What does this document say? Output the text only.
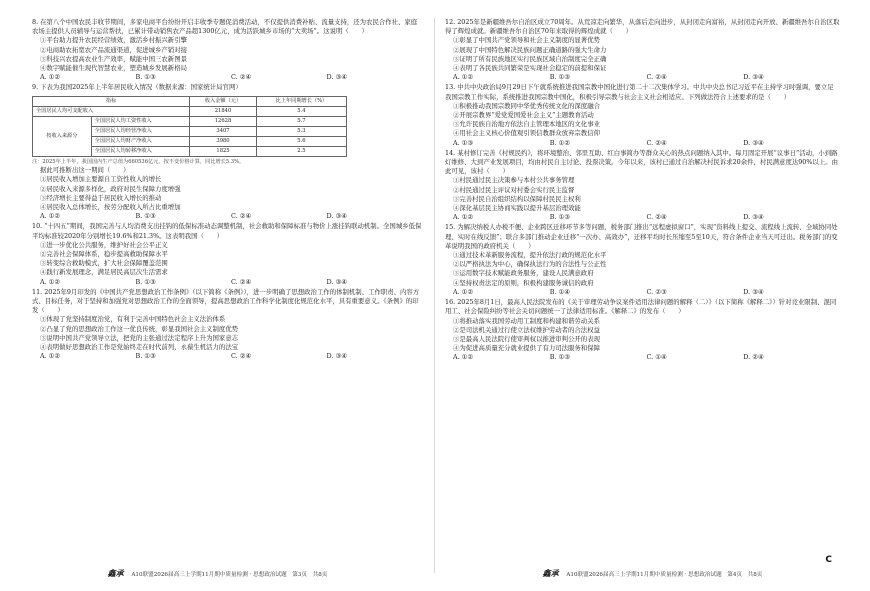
8. 在第八个中国农民丰收节期间，多家电商平台纷纷开启丰收季专题促消费活动，不仅提供消费补贴、流量支持，还为农民合作社、家庭农场主提供人员辅导与运营帮扶，已累计带动销售农产品超1300亿元，成为活跃城乡市场的“大卖场”。这说明（　　）
①平台助力提升农民经营绩效，激活乡村振兴新引擎
②电商助农拓宽农产品流通渠道，促进城乡产销对接
③科技兴农提高农业生产效率，赋能中国三农新图景
④数字赋能催生现代智慧农业，塑造城乡发展新格局
A. ①②	B. ①③	C. ②④	D. ③④
9. 下表为我国2025年上半年居民收入情况（数据来源：国家统计局官网）
指标		收入金额（元）	比上年同期增长（%）
全国居民人均可支配收入		21840	5.4
按收入来源分	全国居民人均工资性收入	12628	5.7
	全国居民人均经营净收入	3407	5.3
	全国居民人均财产净收入	3980	5.6
	全国居民人均转移净收入	1825	2.5
注：2025年上半年，我国国内生产总值为660536亿元，按不变价格计算，同比增长5.3%。
据此可推断出这一期间（　　）
①居民收入增加主要源自工资性收入的增长
②居民收入来源多样化，政府对民生保障力度增强
③经济增长主要得益于居民收入增长的推动
④居民收入总体增长，按劳分配收入所占比重增加
A. ①②	B. ①③	C. ②④	D. ③④
10. “十四五”期间，我国完善与人均消费支出挂钩的低保标准动态调整机制，社会救助和保障标准与物价上涨挂钩联动机制。全国城乡低保平均标准较2020年分别增长19.6%和21.3%。这表明我国（　　）
①进一步优化公共服务，维护好社会公平正义
②完善社会保障体系，稳步提高救助保障水平
③转变综合救助模式，扩大社会保障覆盖范围
④践行新发展理念，满足居民高层次生活需求
A. ①②	B. ①③	C. ②④	D. ③④
11. 2025年9月印发的《中国共产党思想政治工作条例》（以下简称《条例》），进一步明确了思想政治工作的体制机制、工作职责、内容方式、目标任务，对于坚持和加强党对思想政治工作的全面领导，提高思想政治工作科学化制度化规范化水平，具有重要意义。《条例》的印发（　　）
①体现了党坚持制度治党，有利于完善中国特色社会主义法治体系
②凸显了党的思想政治工作这一优良传统，彰显我国社会主义制度优势
③说明中国共产党领导立法，把党的主张通过法定程序上升为国家意志
④表明做好思想政治工作是党始终走在时代前列、永葆生机活力的法宝
A. ①②	B. ①③	C. ②④	D. ③④
鑫承 A10联盟2026届高三上学期11月期中质量检测 · 思想政治试题　第3页　共8页
12. 2025年是新疆维吾尔自治区成立70周年。从荒凉走向繁华，从落后走向进步，从封闭走向富裕，从封闭走向开放、新疆维吾尔自治区取得了辉煌成就。新疆维吾尔自治区70年来取得的辉煌成就（　　）
①彰显了中国共产党领导和社会主义制度的显著优势
②展现了中国特色解决民族问题正确道路的强大生命力
③证明了所有民族地区实行民族区域自治制度完全正确
④表明了各民族共同繁荣是实现社会稳定的前提和保证
A. ①②	B. ①③	C. ②④	D. ③④
13. 中共中央政治局9月29日下午就系统推进我国宗教中国化进行第二十二次集体学习。中共中央总书记习近平在主持学习时强调，要立足我国宗教工作实际，系统推进我国宗教中国化，积极引导宗教与社会主义社会相适应。下列做法符合上述要求的是（　　）
①积极推动我国宗教同中华优秀传统文化的深度融合
②开展宗教界“爱党爱国爱社会主义”主题教育活动
③允许民族自治地方依法自主管理本地区的文化事业
④用社会主义核心价值观引领信教群众放弃宗教信仰
A. ①③	B. ①②	C. ②④	D. ③④
14. 某村修订完善《村规民约》，将环境整治、邻里互助、红白事简办等群众关心的热点问题纳入其中。每月固定开展“议事日”活动，小到路灯维修、大到产业发展项目，均由村民自主讨论、投票决策。今年以来，该村已通过自治解决村民诉求20余件，村民满意度达90%以上。由此可见，该村（　　）
①村民通过民主决策参与本村公共事务管理
②村民通过民主评议对村委会实行民主监督
③完善村民自治组织结构以保障村民民主权利
④深化基层民主协商实践以提升基层治理效能
A. ①②	B. ①③	C. ②④	D. ③④
15. 为解决纳税人办税不便、企业跨区迁移环节多等问题，税务部门推出“远程虚拟窗口”，实现“资料线上提交、流程线上流转、全域协同处理、实时在线反馈”；联合多部门推动企业迁移“一次办、高效办”，迁移平均时长压缩至5至10天，符合条件企业当天可迁出。税务部门的变革说明我国的政府机关（　　）
①通过技术革新服务流程，提升依法行政的规范化水平
②以严格执法为中心，确保执法行为的合法性与公正性
③运用数字技术赋能政务服务，建设人民满意政府
④坚持权责法定的原则，积极构建服务诚信的政府
A. ①②	B. ①④	C. ②③	D. ③④
16. 2025年8月1日，最高人民法院发布的《关于审理劳动争议案件适用法律问题的解释（二）》（以下简称《解释二》）针对竞业限制、混同用工、社会保险纠纷等社会关切问题统一了法律适用标准。《解释二》的发布（　　）
①将推动落实我国劳动用工制度和构建和谐劳动关系
②是司法机关通过行使立法权维护劳动者的合法权益
③是最高人民法院行使审判权以推进审判公开的表现
④为促进高质量充分就业提供了有力司法服务和保障
A. ①②	B. ①③	C. ①④	D. ②④
鑫承 A10联盟2026届高三上学期11月期中质量检测 · 思想政治试题　第4页　共8页
C
